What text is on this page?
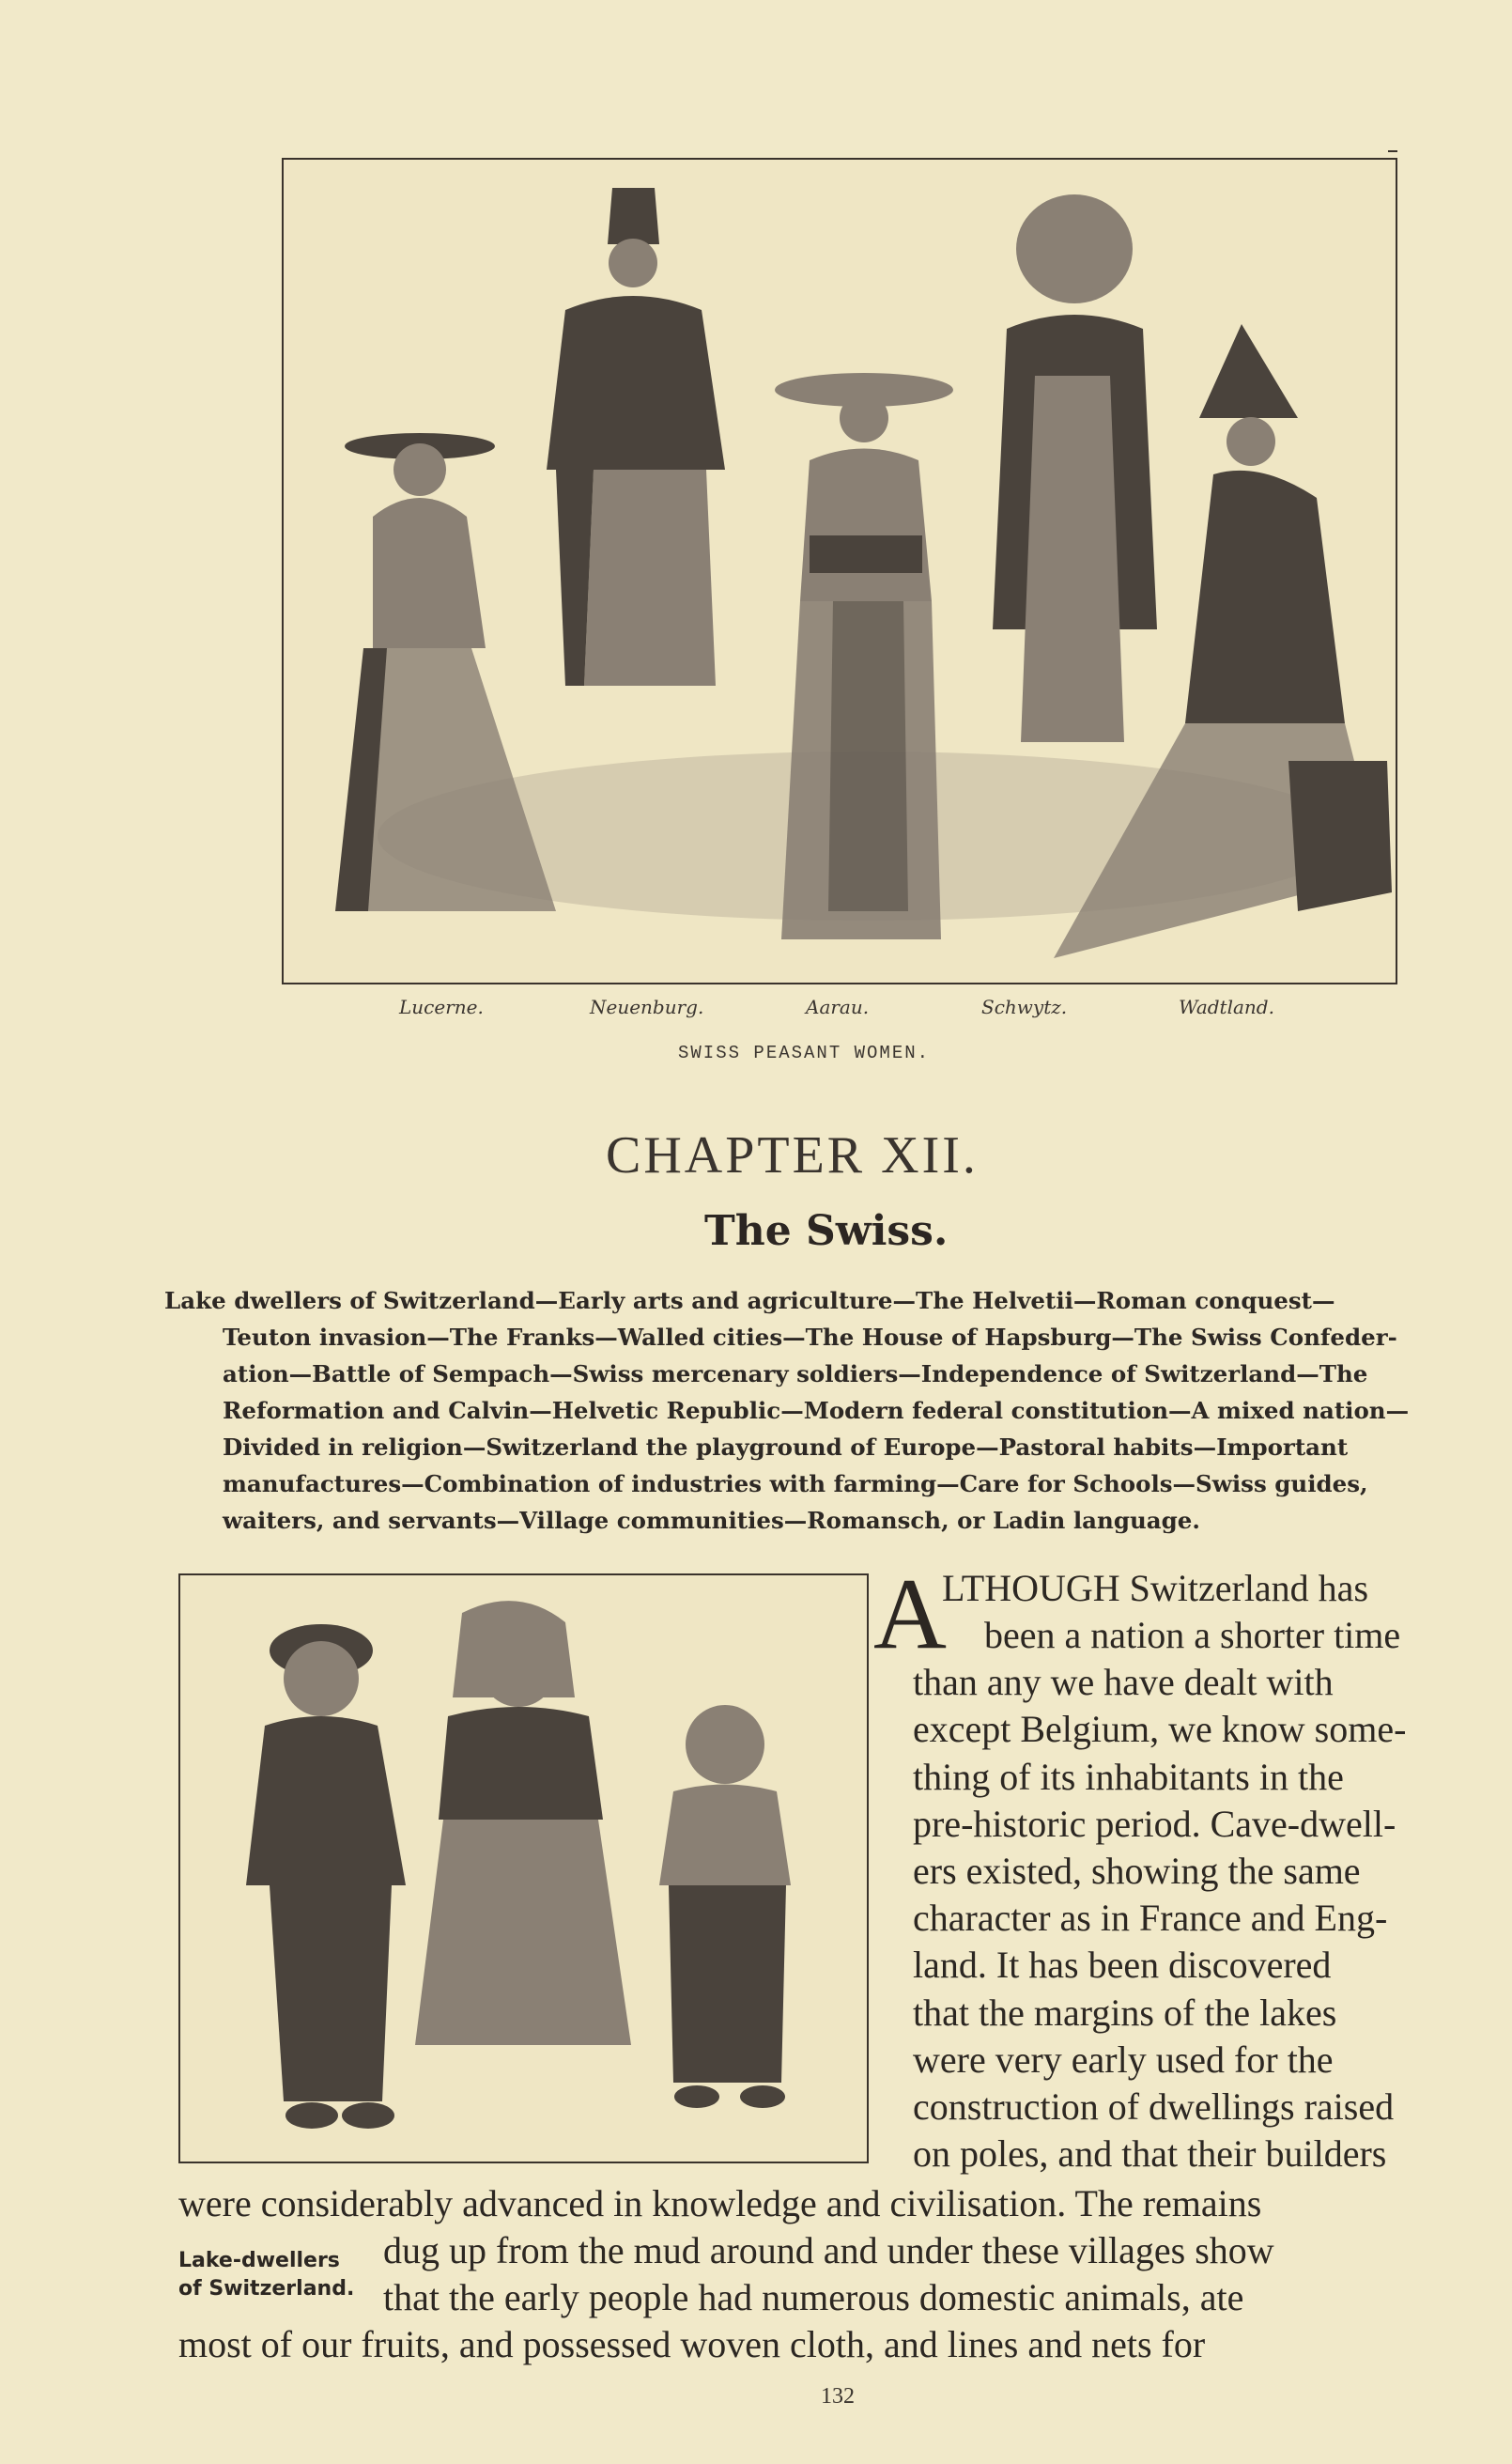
Lucerne.	Neuenburg.	Aarau.	Schwytz.	Wadtland.
SWISS PEASANT WOMEN.
CHAPTER XII.
The Swiss.
Lake dwellers of Switzerland—Early arts and agriculture—The Helvetii—Roman conquest—
Teuton invasion—The Franks—Walled cities—The House of Hapsburg—The Swiss Confeder-
ation—Battle of Sempach—Swiss mercenary soldiers—Independence of Switzerland—The
Reformation and Calvin—Helvetic Republic—Modern federal constitution—A mixed nation—
Divided in religion—Switzerland the playground of Europe—Pastoral habits—Important
manufactures—Combination of industries with farming—Care for Schools—Swiss guides,
waiters, and servants—Village communities—Romansch, or Ladin language.
A
LTHOUGH Switzerland has
been a nation a shorter time
than any we have dealt with
except Belgium, we know some-
thing of its inhabitants in the
pre-historic period. Cave-dwell-
ers existed, showing the same
character as in France and Eng-
land. It has been discovered
that the margins of the lakes
were very early used for the
construction of dwellings raised
on poles, and that their builders
were considerably advanced in knowledge and civilisation. The remains
dug up from the mud around and under these villages show
that the early people had numerous domestic animals, ate
most of our fruits, and possessed woven cloth, and lines and nets for
Lake-dwellers
of Switzerland.
132
